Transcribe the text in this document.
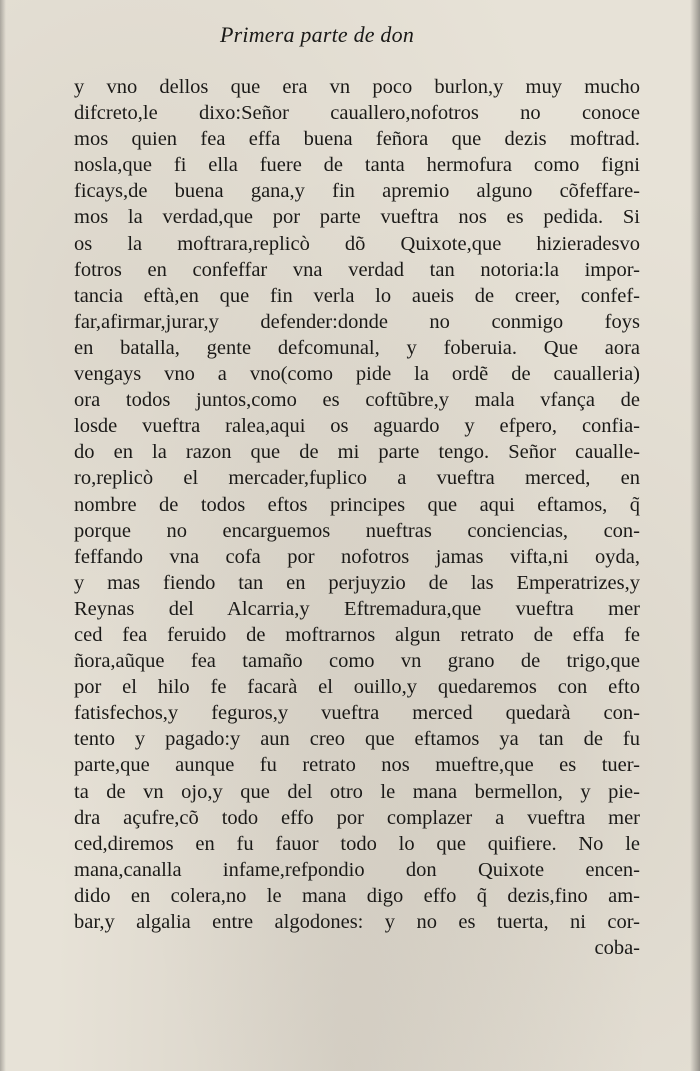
Primera parte de don
y vno dellos que era vn poco burlon,y muy mucho
difcreto,le dixo:Señor cauallero,nofotros no conoce
mos quien fea effa buena feñora que dezis moftrad.
nosla,que fi ella fuere de tanta hermofura como figni
ficays,de buena gana,y fin apremio alguno cõfeffare-
mos la verdad,que por parte vueftra nos es pedida. Si
os la moftrara,replicò dõ Quixote,que hizieradesvo
fotros en confeffar vna verdad tan notoria:la impor-
tancia eftà,en que fin verla lo aueis de creer, confef-
far,afirmar,jurar,y defender:donde no conmigo foys
en batalla, gente defcomunal, y foberuia. Que aora
vengays vno a vno(como pide la ordẽ de caualleria)
ora todos juntos,como es coftũbre,y mala vfança de
losde vueftra ralea,aqui os aguardo y efpero, confia-
do en la razon que de mi parte tengo. Señor caualle-
ro,replicò el mercader,fuplico a vueftra merced, en
nombre de todos eftos principes que aqui eftamos, q̃
porque no encarguemos nueftras conciencias, con-
feffando vna cofa por nofotros jamas vifta,ni oyda,
y mas fiendo tan en perjuyzio de las Emperatrizes,y
Reynas del Alcarria,y Eftremadura,que vueftra mer
ced fea feruido de moftrarnos algun retrato de effa fe
ñora,aũque fea tamaño como vn grano de trigo,que
por el hilo fe facarà el ouillo,y quedaremos con efto
fatisfechos,y feguros,y vueftra merced quedarà con-
tento y pagado:y aun creo que eftamos ya tan de fu
parte,que aunque fu retrato nos mueftre,que es tuer-
ta de vn ojo,y que del otro le mana bermellon, y pie-
dra açufre,cõ todo effo por complazer a vueftra mer
ced,diremos en fu fauor todo lo que quifiere. No le
mana,canalla infame,refpondio don Quixote encen-
dido en colera,no le mana digo effo q̃ dezis,fino am-
bar,y algalia entre algodones: y no es tuerta, ni cor-
coba-
